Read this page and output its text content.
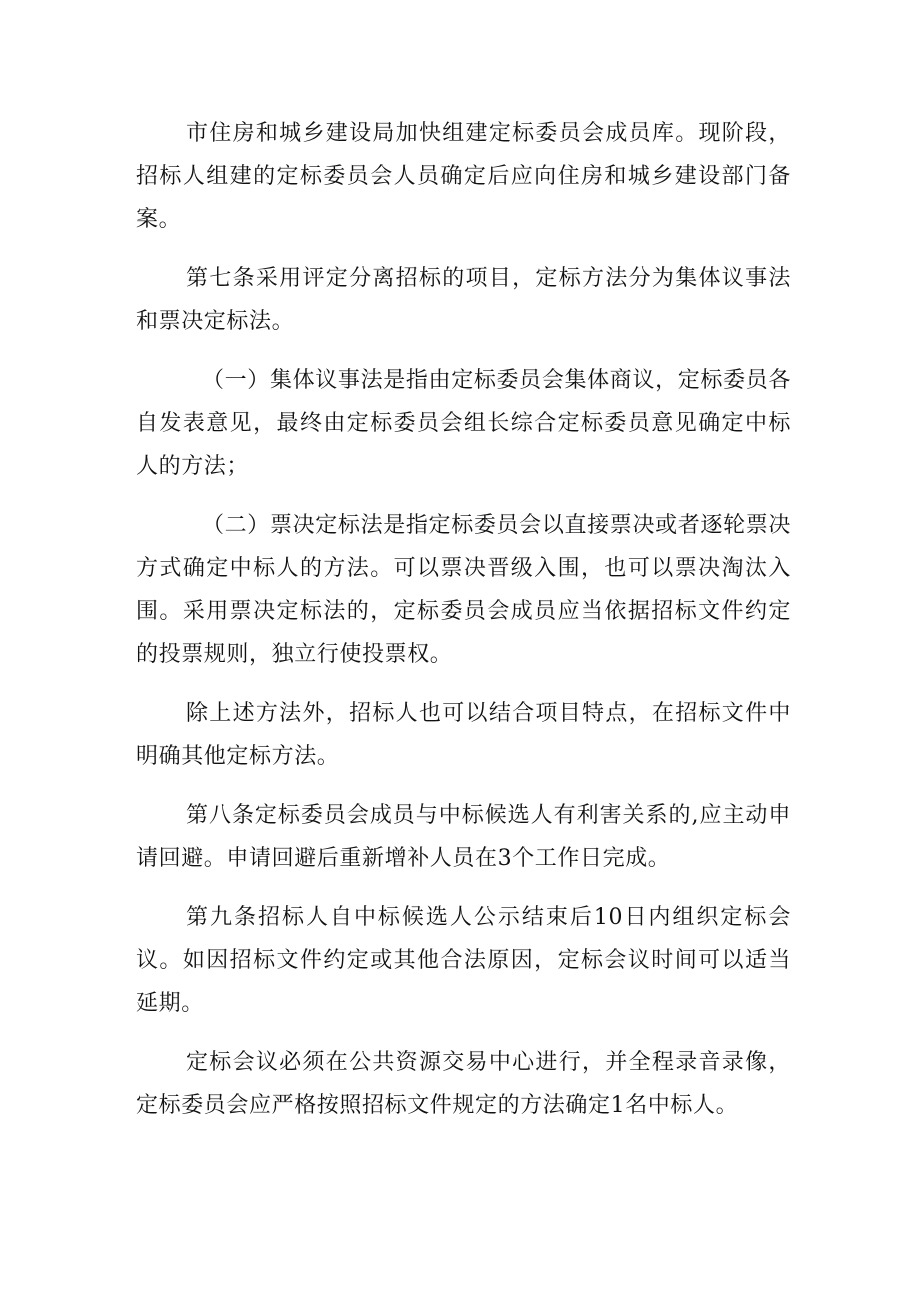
市住房和城乡建设局加快组建定标委员会成员库。现阶段，招标人组建的定标委员会人员确定后应向住房和城乡建设部门备案。

第七条采用评定分离招标的项目，定标方法分为集体议事法和票决定标法。

（一）集体议事法是指由定标委员会集体商议，定标委员各自发表意见，最终由定标委员会组长综合定标委员意见确定中标人的方法；

（二）票决定标法是指定标委员会以直接票决或者逐轮票决方式确定中标人的方法。可以票决晋级入围，也可以票决淘汰入围。采用票决定标法的，定标委员会成员应当依据招标文件约定的投票规则，独立行使投票权。

除上述方法外，招标人也可以结合项目特点，在招标文件中明确其他定标方法。

第八条定标委员会成员与中标候选人有利害关系的,应主动申请回避。申请回避后重新增补人员在3个工作日完成。

第九条招标人自中标候选人公示结束后10日内组织定标会议。如因招标文件约定或其他合法原因，定标会议时间可以适当延期。

定标会议必须在公共资源交易中心进行，并全程录音录像，定标委员会应严格按照招标文件规定的方法确定1名中标人。
